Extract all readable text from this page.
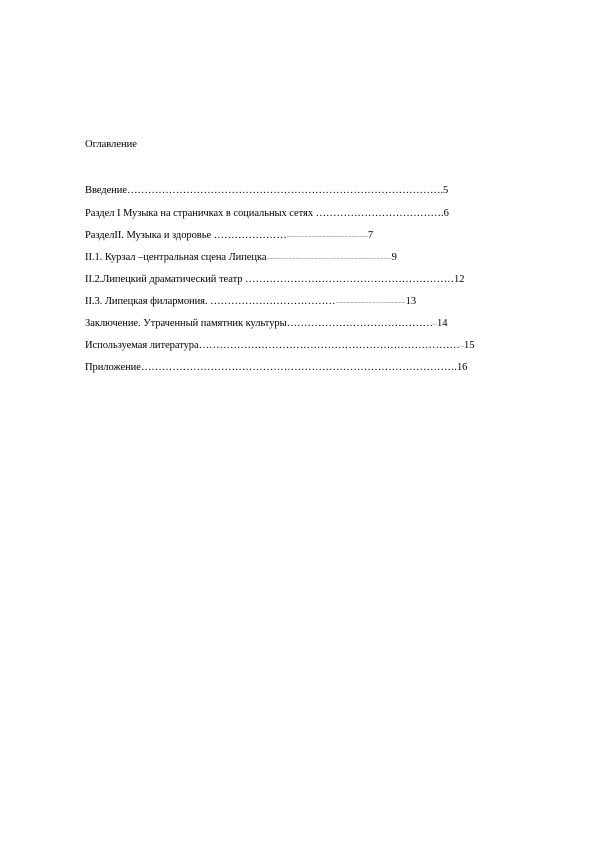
Оглавление
Введение……………………………………………………………………………….5
Раздел I Музыка на страничках в социальных сетях ……………………………….6
РазделII. Музыка и здоровье …………………...........................................................7
II.1. Курзал –центральная сцена Липецка...........................................................................................9
II.2.Липецкий драматический театр ……………………………………………………12
II.3. Липецкая филармония. ………………………………...................................................13
Заключение. Утраченный памятник культуры……………………………………...14
Используемая литература…………………………………………………………………...15
Приложение……………………………………………………………………………….16
